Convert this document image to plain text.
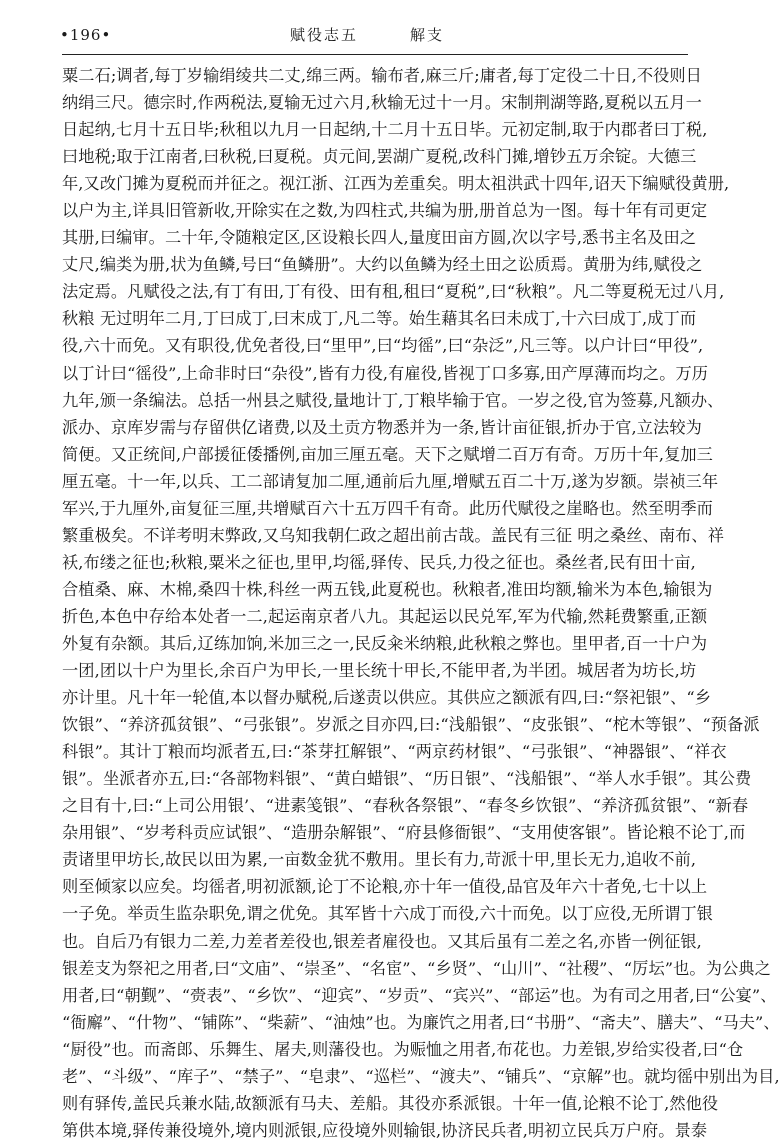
•196•	赋役志五	解支
粟二石;调者,每丁岁输绢绫共二丈,绵三两。输布者,麻三斤;庸者,每丁定役二十日,不役则日
纳绢三尺。德宗时,作两税法,夏输无过六月,秋输无过十一月。宋制荆湖等路,夏税以五月一
日起纳,七月十五日毕;秋租以九月一日起纳,十二月十五日毕。元初定制,取于内郡者曰丁税,
曰地税;取于江南者,曰秋税,曰夏税。贞元间,罢湖广夏税,改科门摊,增钞五万余锭。大德三
年,又改门摊为夏税而并征之。视江浙、江西为差重矣。明太祖洪武十四年,诏天下编赋役黄册,
以户为主,详具旧管新收,开除实在之数,为四柱式,共编为册,册首总为一图。每十年有司更定
其册,曰编审。二十年,令随粮定区,区设粮长四人,量度田亩方圆,次以字号,悉书主名及田之
丈尺,编类为册,状为鱼鳞,号曰“鱼鳞册”。大约以鱼鳞为经土田之讼质焉。黄册为纬,赋役之
法定焉。凡赋役之法,有丁有田,丁有役、田有租,租曰“夏税”,曰“秋粮”。凡二等夏税无过八月,
秋粮 无过明年二月,丁曰成丁,曰末成丁,凡二等。始生藉其名曰未成丁,十六曰成丁,成丁而
役,六十而免。又有职役,优免者役,曰“里甲”,曰“均徭”,曰“杂泛”,凡三等。以户计曰“甲役”,
以丁计曰“徭役”,上命非时曰“杂役”,皆有力役,有雇役,皆视丁口多寡,田产厚薄而均之。万历
九年,颁一条编法。总括一州县之赋役,量地计丁,丁粮毕输于官。一岁之役,官为签募,凡额办、
派办、京库岁需与存留供亿诸费,以及土贡方物悉并为一条,皆计亩征银,折办于官,立法较为
简便。又正统间,户部援征倭播例,亩加三厘五毫。天下之赋增二百万有奇。万历十年,复加三
厘五毫。十一年,以兵、工二部请复加二厘,通前后九厘,增赋五百二十万,遂为岁额。崇祯三年
军兴,于九厘外,亩复征三厘,共增赋百六十五万四千有奇。此历代赋役之崖略也。然至明季而
繁重极矣。不详考明末弊政,又乌知我朝仁政之超出前古哉。盖民有三征 明之桑丝、南布、祥
袄,布缕之征也;秋粮,粟米之征也,里甲,均徭,驿传、民兵,力役之征也。桑丝者,民有田十亩,
合植桑、麻、木棉,桑四十株,科丝一两五钱,此夏税也。秋粮者,准田均额,输米为本色,输银为
折色,本色中存给本处者一二,起运南京者八九。其起运以民兑军,军为代输,然耗费繁重,正额
外复有杂额。其后,辽练加饷,米加三之一,民反籴米纳粮,此秋粮之弊也。里甲者,百一十户为
一团,团以十户为里长,余百户为甲长,一里长统十甲长,不能甲者,为半团。城居者为坊长,坊
亦计里。凡十年一轮值,本以督办赋税,后遂责以供应。其供应之额派有四,曰:“祭祀银”、“乡
饮银”、“养济孤贫银”、“弓张银”。岁派之目亦四,曰:“浅船银”、“皮张银”、“柁木等银”、“预备派
科银”。其计丁粮而均派者五,曰:“茶芽扛解银”、“两京药材银”、“弓张银”、“神器银”、“祥衣
银”。坐派者亦五,曰:“各部物料银”、“黄白蜡银”、“历日银”、“浅船银”、“举人水手银”。其公费
之目有十,曰:“上司公用银’、“进素笺银”、“春秋各祭银”、“春冬乡饮银”、“养济孤贫银”、“新春
杂用银”、“岁考科贡应试银”、“造册杂解银”、“府县修衙银”、“支用使客银”。皆论粮不论丁,而
责诸里甲坊长,故民以田为累,一亩数金犹不敷用。里长有力,苛派十甲,里长无力,追收不前,
则至倾家以应矣。均徭者,明初派额,论丁不论粮,亦十年一值役,品官及年六十者免,七十以上
一子免。举贡生监杂职免,谓之优免。其军皆十六成丁而役,六十而免。以丁应役,无所谓丁银
也。自后乃有银力二差,力差者差役也,银差者雇役也。又其后虽有二差之名,亦皆一例征银,
银差支为祭祀之用者,曰“文庙”、“崇圣”、“名宦”、“乡贤”、“山川”、“社稷”、“厉坛”也。为公典之
用者,曰“朝觐”、“赍表”、“乡饮”、“迎宾”、“岁贡”、“宾兴”、“部运”也。为有司之用者,曰“公宴”、
“衙廨”、“什物”、“铺陈”、“柴薪”、“油烛”也。为廉饩之用者,曰“书册”、“斋夫”、膳夫”、“马夫”、
“厨役”也。而斋郎、乐舞生、屠夫,则藩役也。为赈恤之用者,布花也。力差银,岁给实役者,曰“仓
老”、“斗级”、“库子”、“禁子”、“皂隶”、“巡栏”、“渡夫”、“铺兵”、“京解”也。就均徭中别出为目,
则有驿传,盖民兵兼水陆,故额派有马夫、差船。其役亦系派银。十年一值,论粮不论丁,然他役
第供本境,驿传兼役境外,境内则派银,应役境外则输银,协济民兵者,明初立民兵万户府。景泰
